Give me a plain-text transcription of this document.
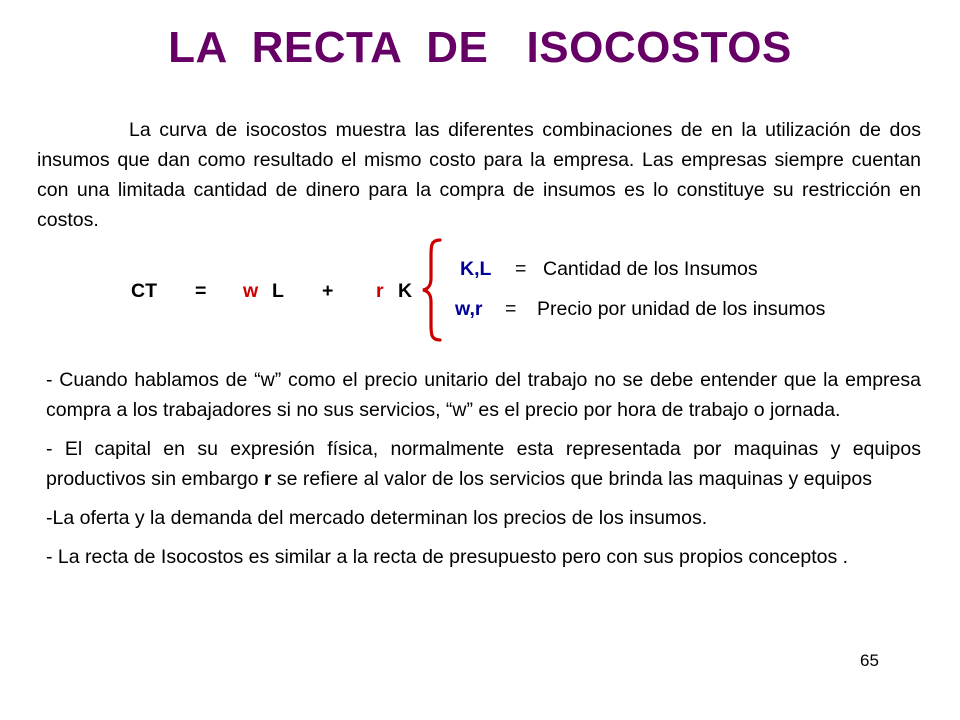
LA  RECTA  DE   ISOCOSTOS

La curva de isocostos muestra las diferentes combinaciones de en la utilización de dos insumos que dan como resultado el mismo costo para la empresa. Las empresas siempre cuentan con una limitada cantidad de dinero para la compra de insumos es lo constituye su restricción en costos.

CT = w L + r K
K,L = Cantidad de los Insumos
w,r = Precio por unidad de los insumos
- Cuando hablamos de “w” como el precio unitario del trabajo no se debe entender que la empresa compra a los trabajadores si no sus servicios, “w” es el precio por hora de trabajo o jornada.
- El capital en su expresión física, normalmente esta representada por maquinas y equipos productivos sin embargo r se refiere al valor de los servicios que brinda las maquinas y equipos
-La oferta y la demanda del mercado determinan los precios de los insumos.
- La recta de Isocostos es similar a la recta de presupuesto pero con sus propios conceptos .
65
